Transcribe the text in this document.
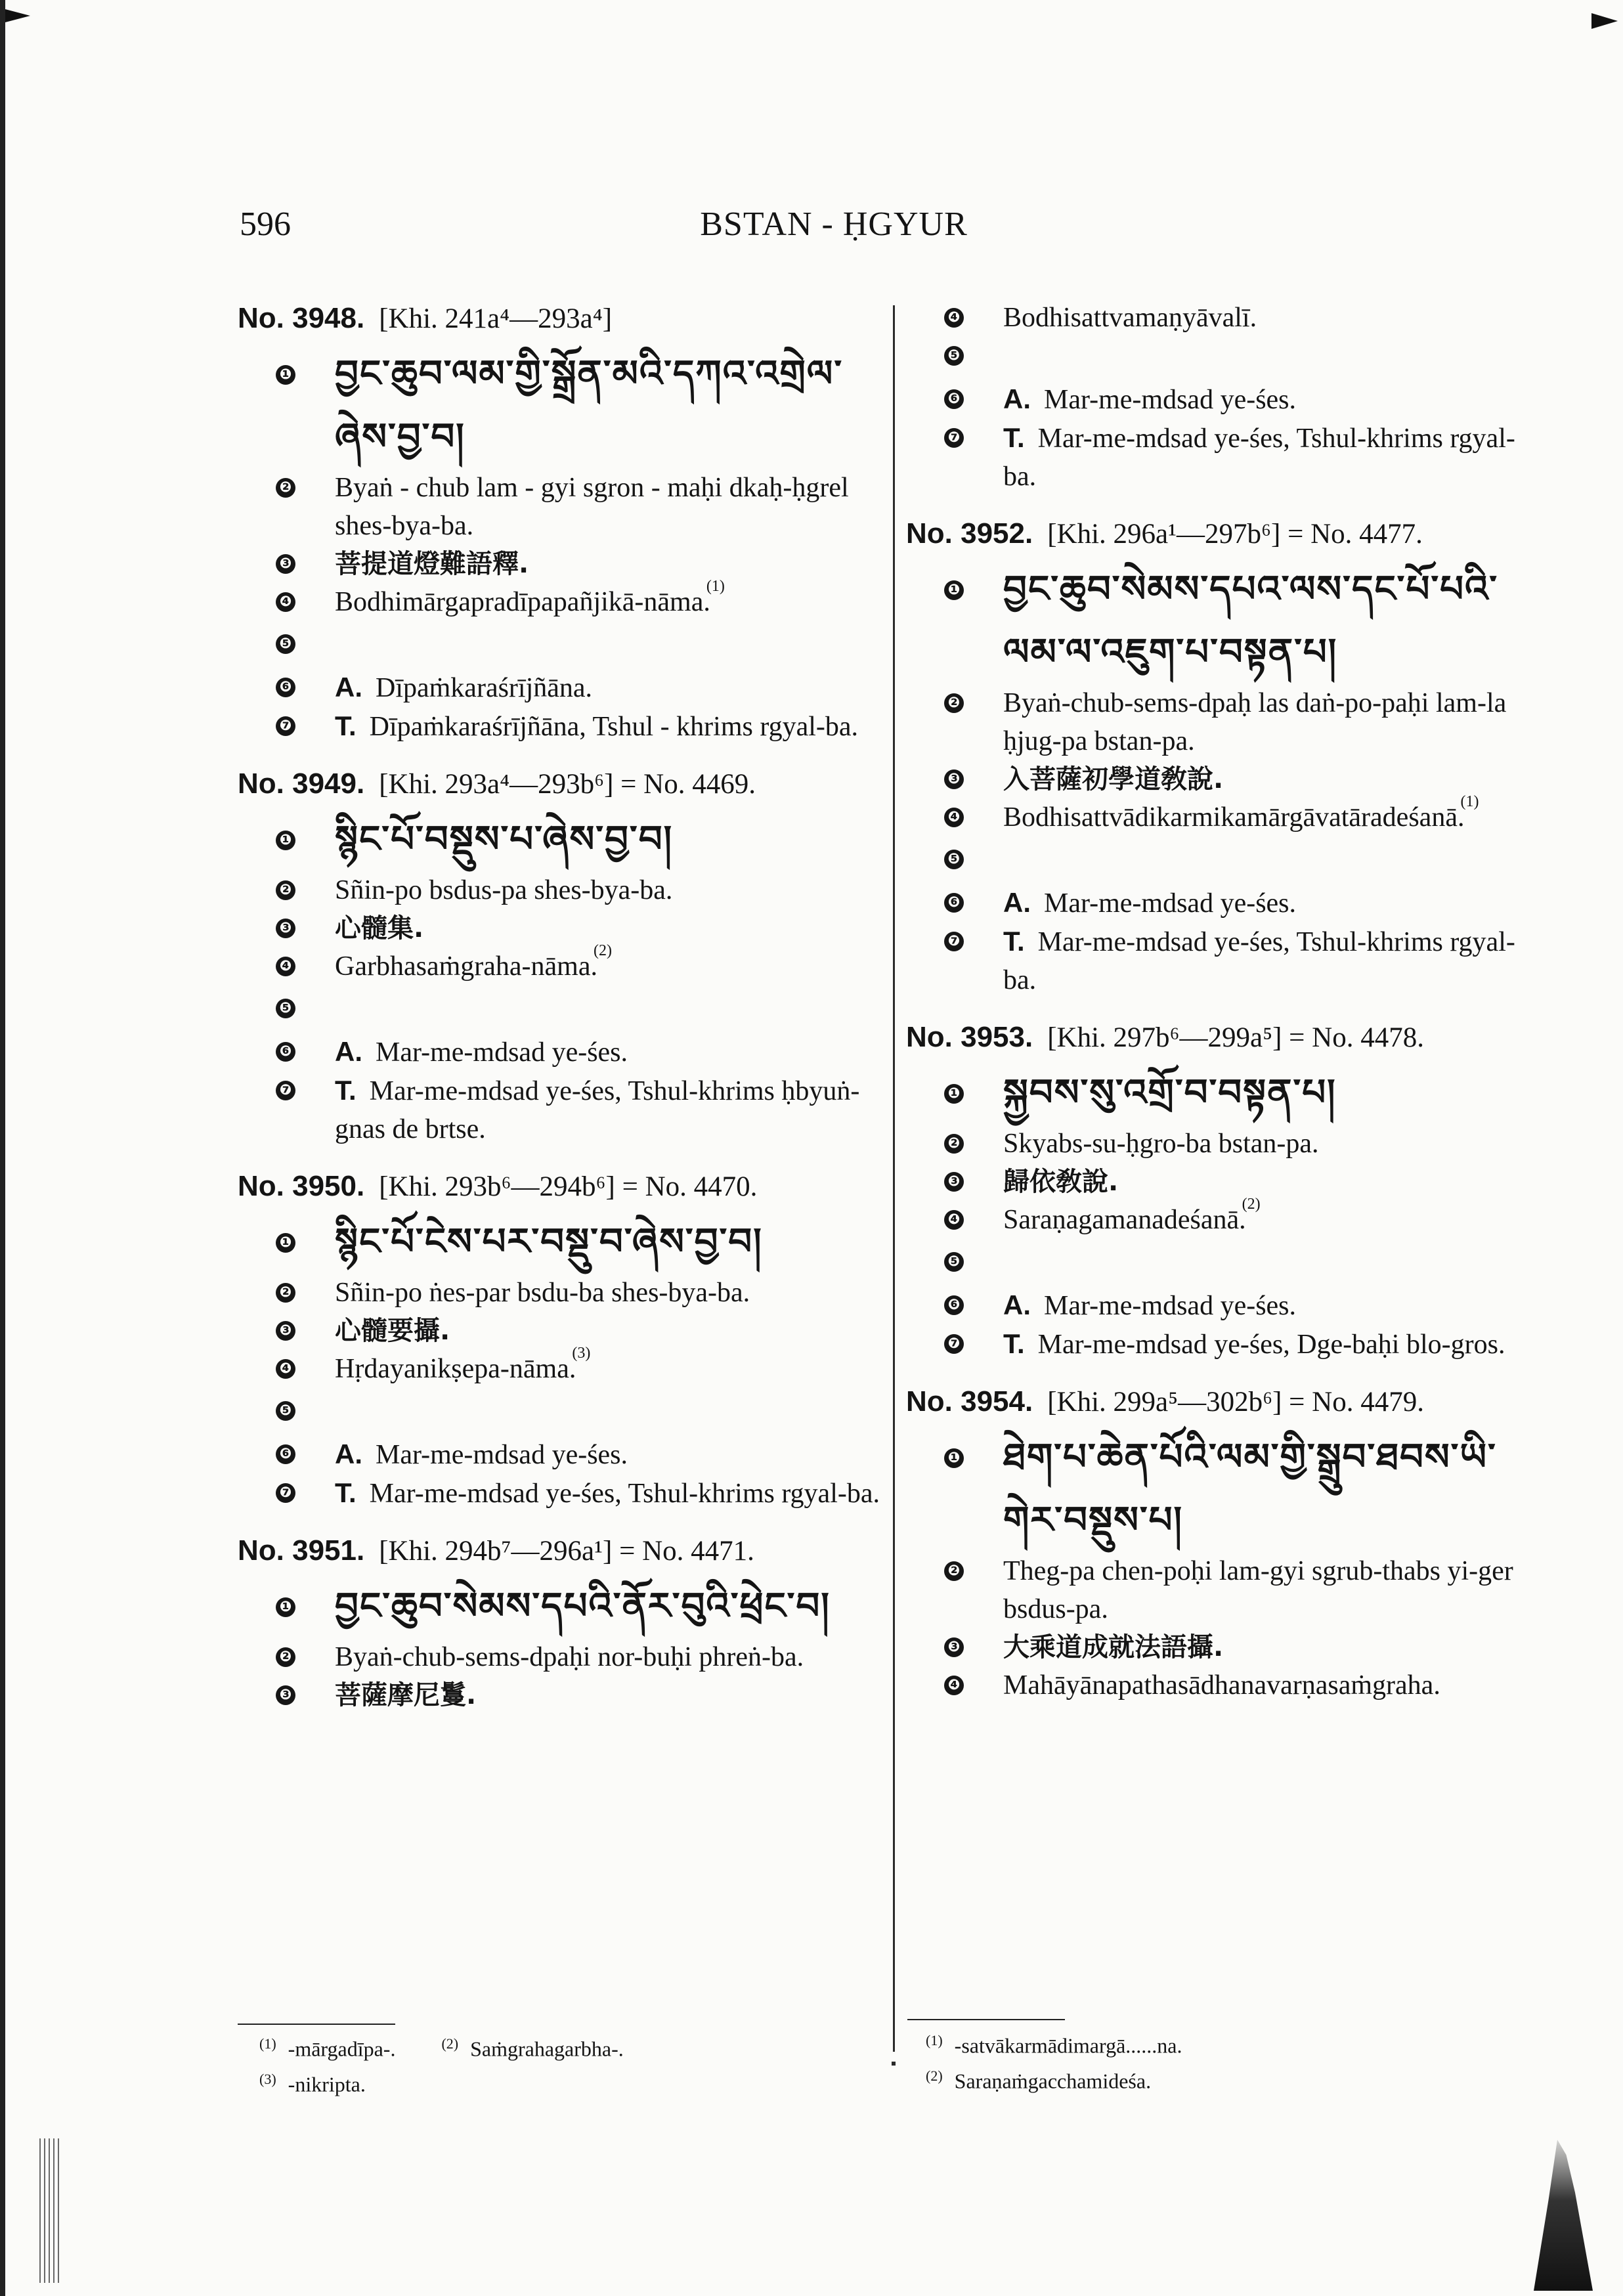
596	BSTAN - ḤGYUR
No. 3948. [Khi. 241a⁴—293a⁴]
❶ བྱང་ཆུབ་ལམ་གྱི་སྒྲོན་མའི་དཀའ་འགྲེལ་ཞེས་བྱ་བ།
❷ Byaṅ - chub lam - gyi sgron - maḥi dkaḥ-ḥgrel shes-bya-ba.
❸ 菩提道燈難語釋.
❹ Bodhimārgapradīpapañjikā-nāma.$^{(1)}$
❺
❻ A. Dīpaṁkaraśrījñāna.
❼ T. Dīpaṁkaraśrījñāna, Tshul - khrims rgyal-ba.
No. 3949. [Khi. 293a⁴—293b⁶] = No. 4469.
❶ སྙིང་པོ་བསྡུས་པ་ཞེས་བྱ་བ།
❷ Sñin-po bsdus-pa shes-bya-ba.
❸ 心髓集.
❹ Garbhasaṁgraha-nāma.$^{(2)}$
❺
❻ A. Mar-me-mdsad ye-śes.
❼ T. Mar-me-mdsad ye-śes, Tshul-khrims ḥbyuṅ-gnas de brtse.
No. 3950. [Khi. 293b⁶—294b⁶] = No. 4470.
❶ སྙིང་པོ་ངེས་པར་བསྡུ་བ་ཞེས་བྱ་བ།
❷ Sñin-po ṅes-par bsdu-ba shes-bya-ba.
❸ 心髓要攝.
❹ Hṛdayanikṣepa-nāma.$^{(3)}$
❺
❻ A. Mar-me-mdsad ye-śes.
❼ T. Mar-me-mdsad ye-śes, Tshul-khrims rgyal-ba.
No. 3951. [Khi. 294b⁷—296a¹] = No. 4471.
❶ བྱང་ཆུབ་སེམས་དཔའི་ནོར་བུའི་ཕྲེང་བ།
❷ Byaṅ-chub-sems-dpaḥi nor-buḥi phreṅ-ba.
❸ 菩薩摩尼鬘.
❹ Bodhisattvamaṇyāvalī.
❺
❻ A. Mar-me-mdsad ye-śes.
❼ T. Mar-me-mdsad ye-śes, Tshul-khrims rgyal-ba.
No. 3952. [Khi. 296a¹—297b⁶] = No. 4477.
❶ བྱང་ཆུབ་སེམས་དཔའ་ལས་དང་པོ་པའི་ལམ་ལ་འཇུག་པ་བསྟན་པ།
❷ Byaṅ-chub-sems-dpaḥ las daṅ-po-paḥi lam-la ḥjug-pa bstan-pa.
❸ 入菩薩初學道敎說.
❹ Bodhisattvādikarmikamārgāvatāradeśanā.$^{(1)}$
❺
❻ A. Mar-me-mdsad ye-śes.
❼ T. Mar-me-mdsad ye-śes, Tshul-khrims rgyal-ba.
No. 3953. [Khi. 297b⁶—299a⁵] = No. 4478.
❶ སྐྱབས་སུ་འགྲོ་བ་བསྟན་པ།
❷ Skyabs-su-ḥgro-ba bstan-pa.
❸ 歸依敎說.
❹ Saraṇagamanadeśanā.$^{(2)}$
❺
❻ A. Mar-me-mdsad ye-śes.
❼ T. Mar-me-mdsad ye-śes, Dge-baḥi blo-gros.
No. 3954. [Khi. 299a⁵—302b⁶] = No. 4479.
❶ ཐེག་པ་ཆེན་པོའི་ལམ་གྱི་སྒྲུབ་ཐབས་ཡི་གེར་བསྡུས་པ།
❷ Theg-pa chen-poḥi lam-gyi sgrub-thabs yi-ger bsdus-pa.
❸ 大乘道成就法語攝.
❹ Mahāyānapathasādhanavarṇasaṁgraha.
$^{(1)}$ -mārgadīpa-.	$^{(2)}$ Saṁgrahagarbha-.
$^{(3)}$ -nikripta.
$^{(1)}$ -satvākarmādimargā......na.
$^{(2)}$ Saraṇaṁgacchamideśa.
